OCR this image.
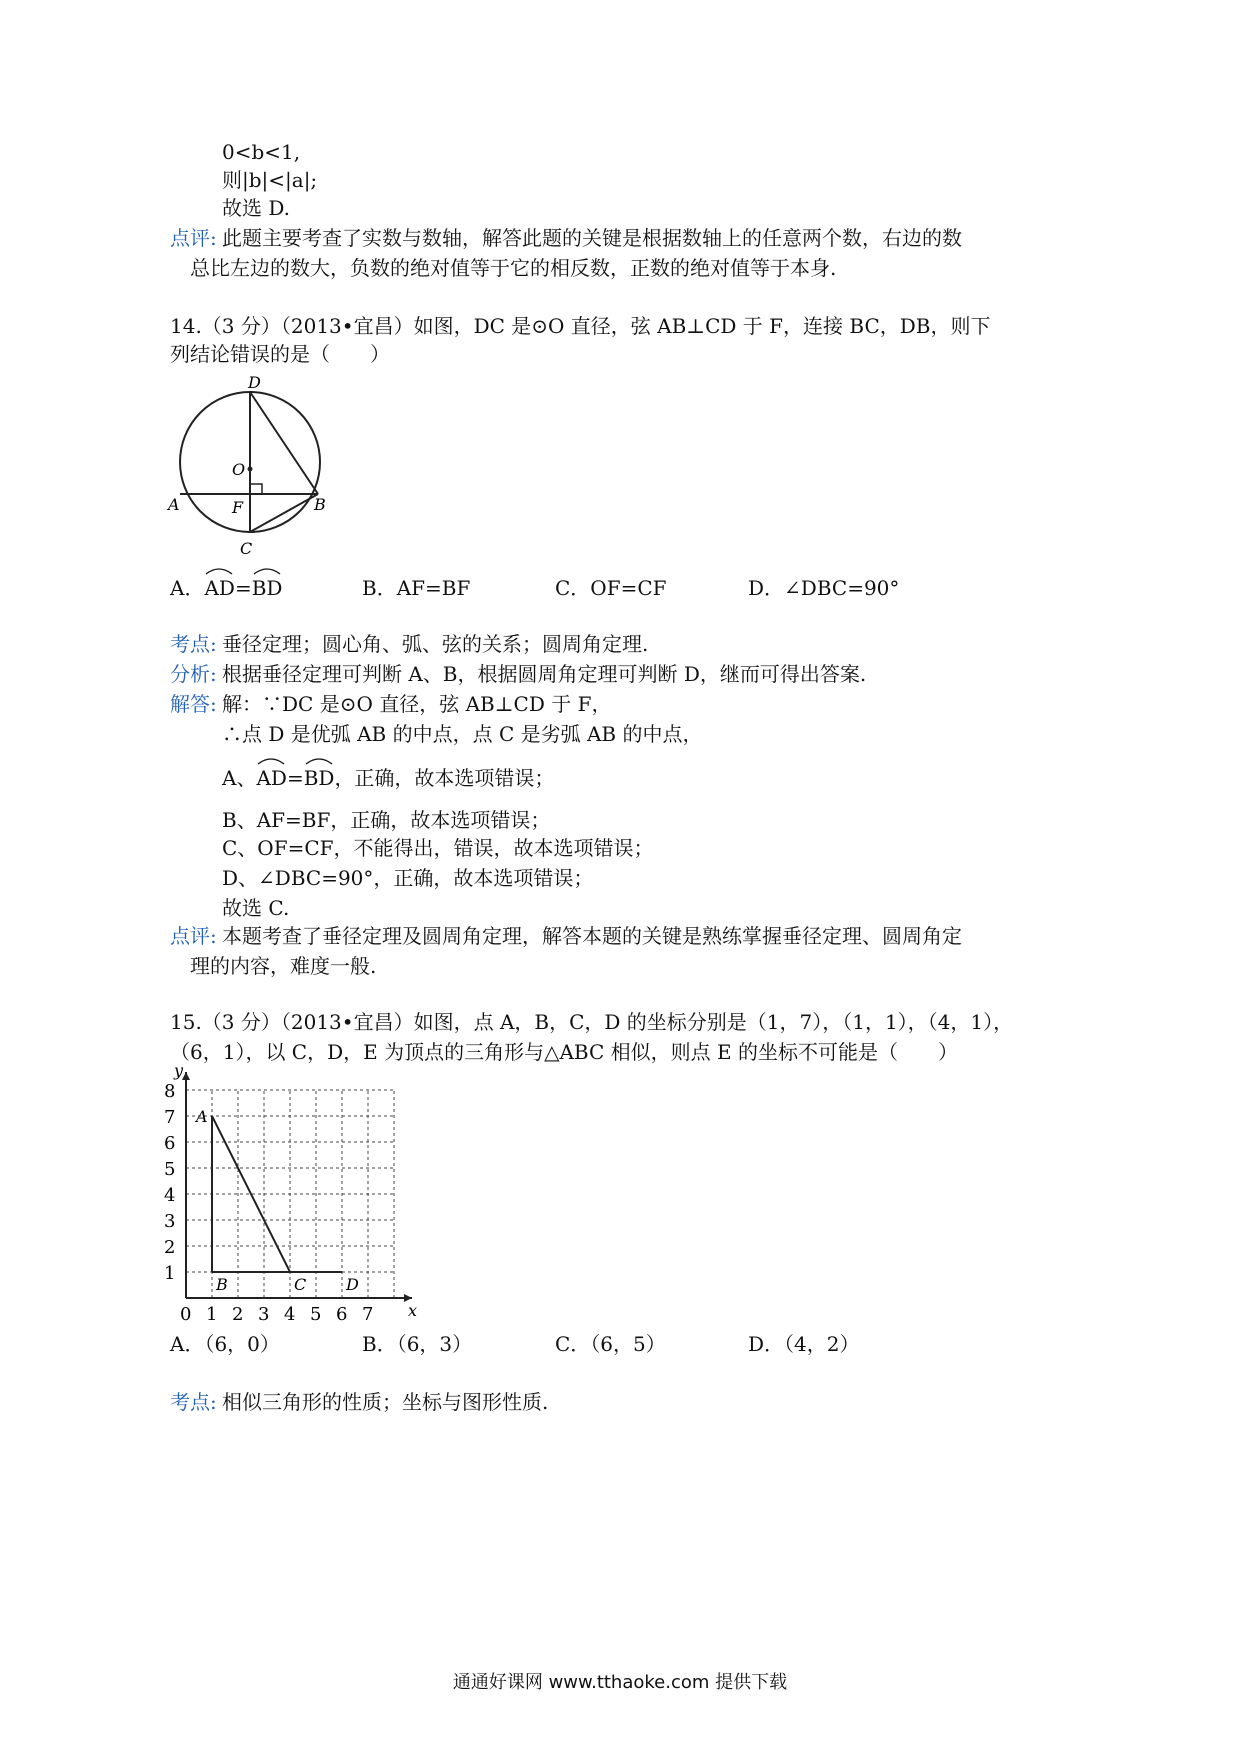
0<b<1,
则|b|<|a|;
故选 D.
点评: 此题主要考查了实数与数轴，解答此题的关键是根据数轴上的任意两个数，右边的数
总比左边的数大，负数的绝对值等于它的相反数，正数的绝对值等于本身.
14.（3 分）（2013•宜昌）如图，DC 是⊙O 直径，弦 AB⊥CD 于 F，连接 BC，DB，则下
列结论错误的是（　　）
D
O
A	F	B
C
A．
AD=
BD	B．AF=BF	C．OF=CF	D．∠DBC=90°
考点: 垂径定理；圆心角、弧、弦的关系；圆周角定理.
分析: 根据垂径定理可判断 A、B，根据圆周角定理可判断 D，继而可得出答案.
解答: 解：∵DC 是⊙O 直径，弦 AB⊥CD 于 F，
∴点 D 是优弧 AB 的中点，点 C 是劣弧 AB 的中点，
A、
AD=
BD，正确，故本选项错误；
B、AF=BF，正确，故本选项错误；
C、OF=CF，不能得出，错误，故本选项错误；
D、∠DBC=90°，正确，故本选项错误；
故选 C.
点评: 本题考查了垂径定理及圆周角定理，解答本题的关键是熟练掌握垂径定理、圆周角定
理的内容，难度一般.
15.（3 分）（2013•宜昌）如图，点 A，B，C，D 的坐标分别是（1，7），（1，1），（4，1），
（6，1），以 C，D，E 为顶点的三角形与△ABC 相似，则点 E 的坐标不可能是（　　）
x
y
0 1 2 3 4 5 6 7
1
2
3
4
5
6
7
8
A
B	C D
A．（6，0）	B．（6，3）	C．（6，5）	D．（4，2）
考点: 相似三角形的性质；坐标与图形性质.
通通好课网 www.tthaoke.com 提供下载
